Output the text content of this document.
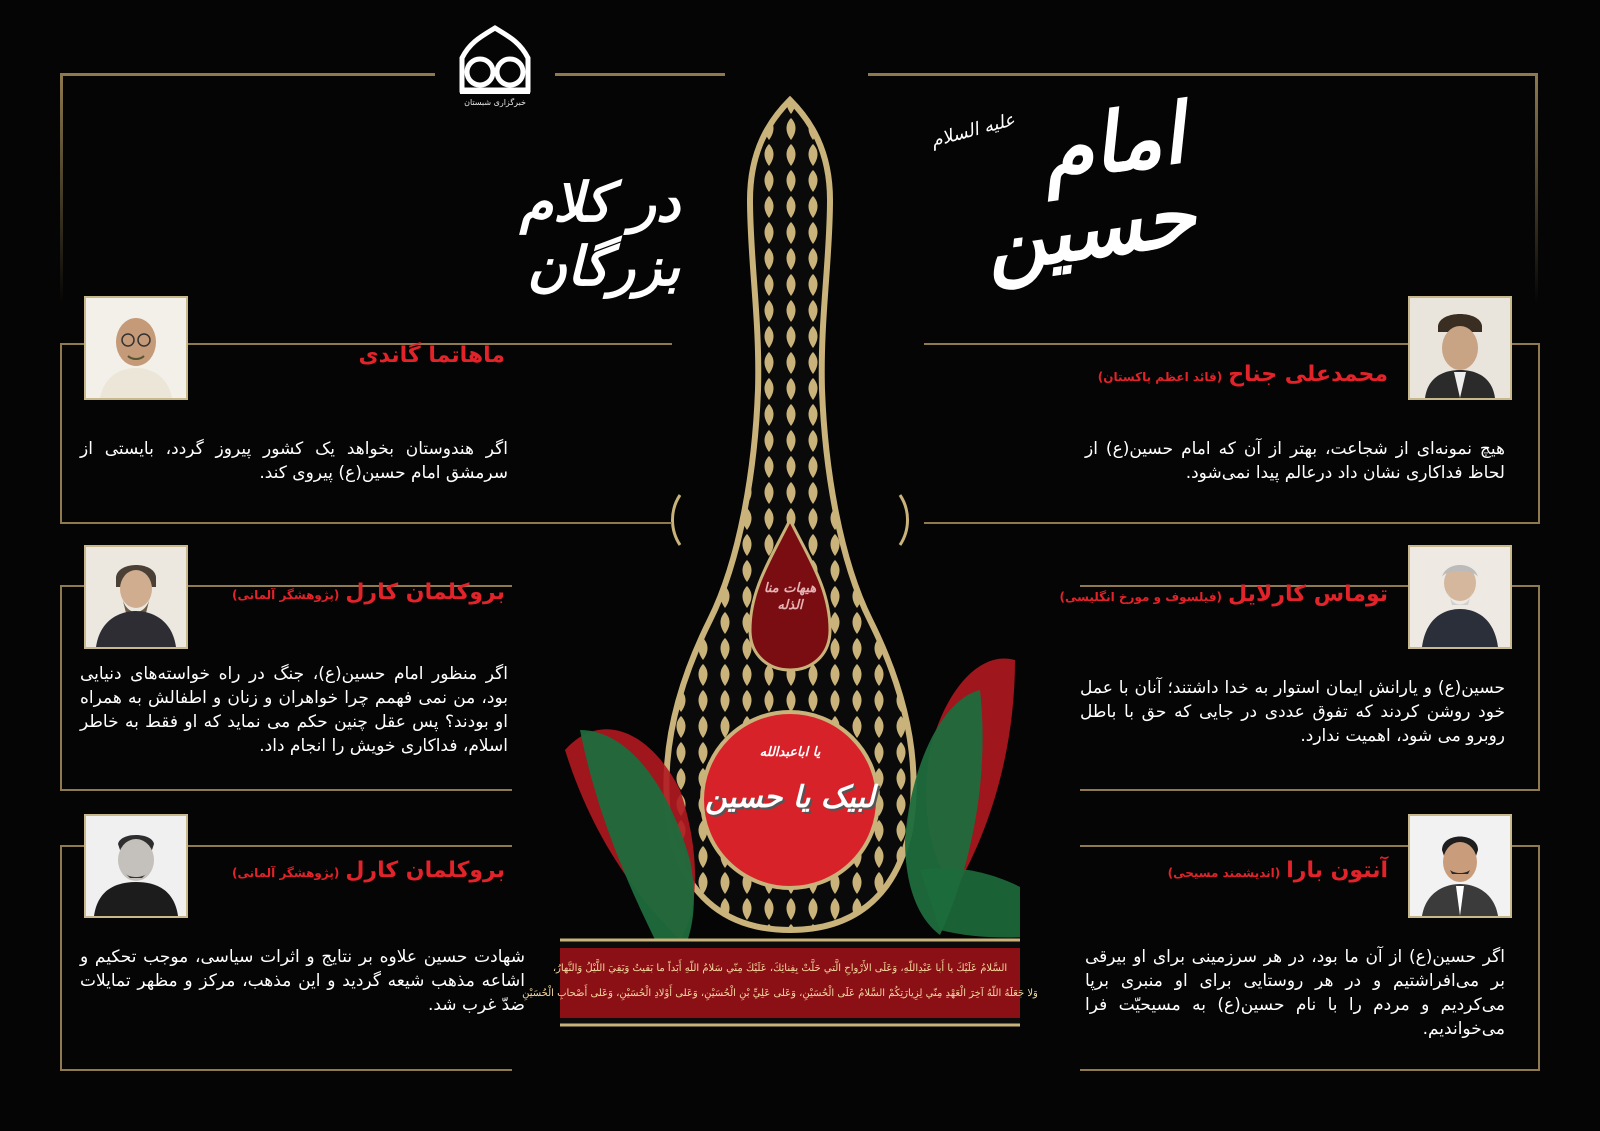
خبرگزاری شبستان	امام حسین
علیه السلام
در کلام بزرگان
هیهات منا الذله
لبیک یا حسین
یا اباعبدالله
السَّلامُ عَلَيْكَ يا أَبا عَبْدِاللّهِ، وَعَلَى الأَرْواحِ الَّتي حَلَّتْ بِفِنائِكَ، عَلَيْكَ مِنّي سَلامُ اللّهِ أَبَداً ما بَقيتُ وَبَقِيَ اللَّيْلُ وَالنَّهارُ،
وَلا جَعَلَهُ اللّهُ آخِرَ الْعَهْدِ مِنّي لِزِيارَتِكُمْ السَّلامُ عَلَى الْحُسَيْنِ، وَعَلى عَلِيِّ بْنِ الْحُسَيْنِ، وَعَلى أَوْلادِ الْحُسَيْنِ، وَعَلى أَصْحابِ الْحُسَيْنِ
محمدعلی جناح(قائد اعظم پاکستان)
هیچ نمونه‌ای از شجاعت، بهتر از آن که امام حسین(ع) از لحاظ فداکاری نشان داد درعالم پیدا نمی‌شود.
توماس کارلایل(فیلسوف و مورخ انگلیسی)
حسین(ع) و یارانش ایمان استوار به خدا داشتند؛ آنان با عمل خود روشن کردند که تفوق عددی در جایی که حق با باطل روبرو می شود، اهمیت ندارد.
آنتون بارا(اندیشمند مسیحی)
اگر حسین(ع) از آن ما بود، در هر سرزمینی برای او بیرقی بر می‌افراشتیم و در هر روستایی برای او منبری برپا می‌کردیم و مردم را با نام حسین(ع) به مسیحیّت فرا می‌خواندیم.
ماهاتما گاندی
اگر هندوستان بخواهد یک کشور پیروز گردد، بایستی از سرمشق امام حسین(ع) پیروی کند.
بروکلمان کارل(پژوهشگر آلمانی)
اگر منظور امام حسین(ع)، جنگ در راه خواسته‌های دنیایی بود، من نمی فهمم چرا خواهران و زنان و اطفالش به همراه او بودند؟ پس عقل چنین حکم می نماید که او فقط به خاطر اسلام، فداکاری خویش را انجام داد.
بروکلمان کارل(پژوهشگر آلمانی)
شهادت حسین علاوه بر نتایج و اثرات سیاسی، موجب تحکیم و اشاعه مذهب شیعه گردید و این مذهب، مرکز و مظهر تمایلات ضدّ غرب شد.
